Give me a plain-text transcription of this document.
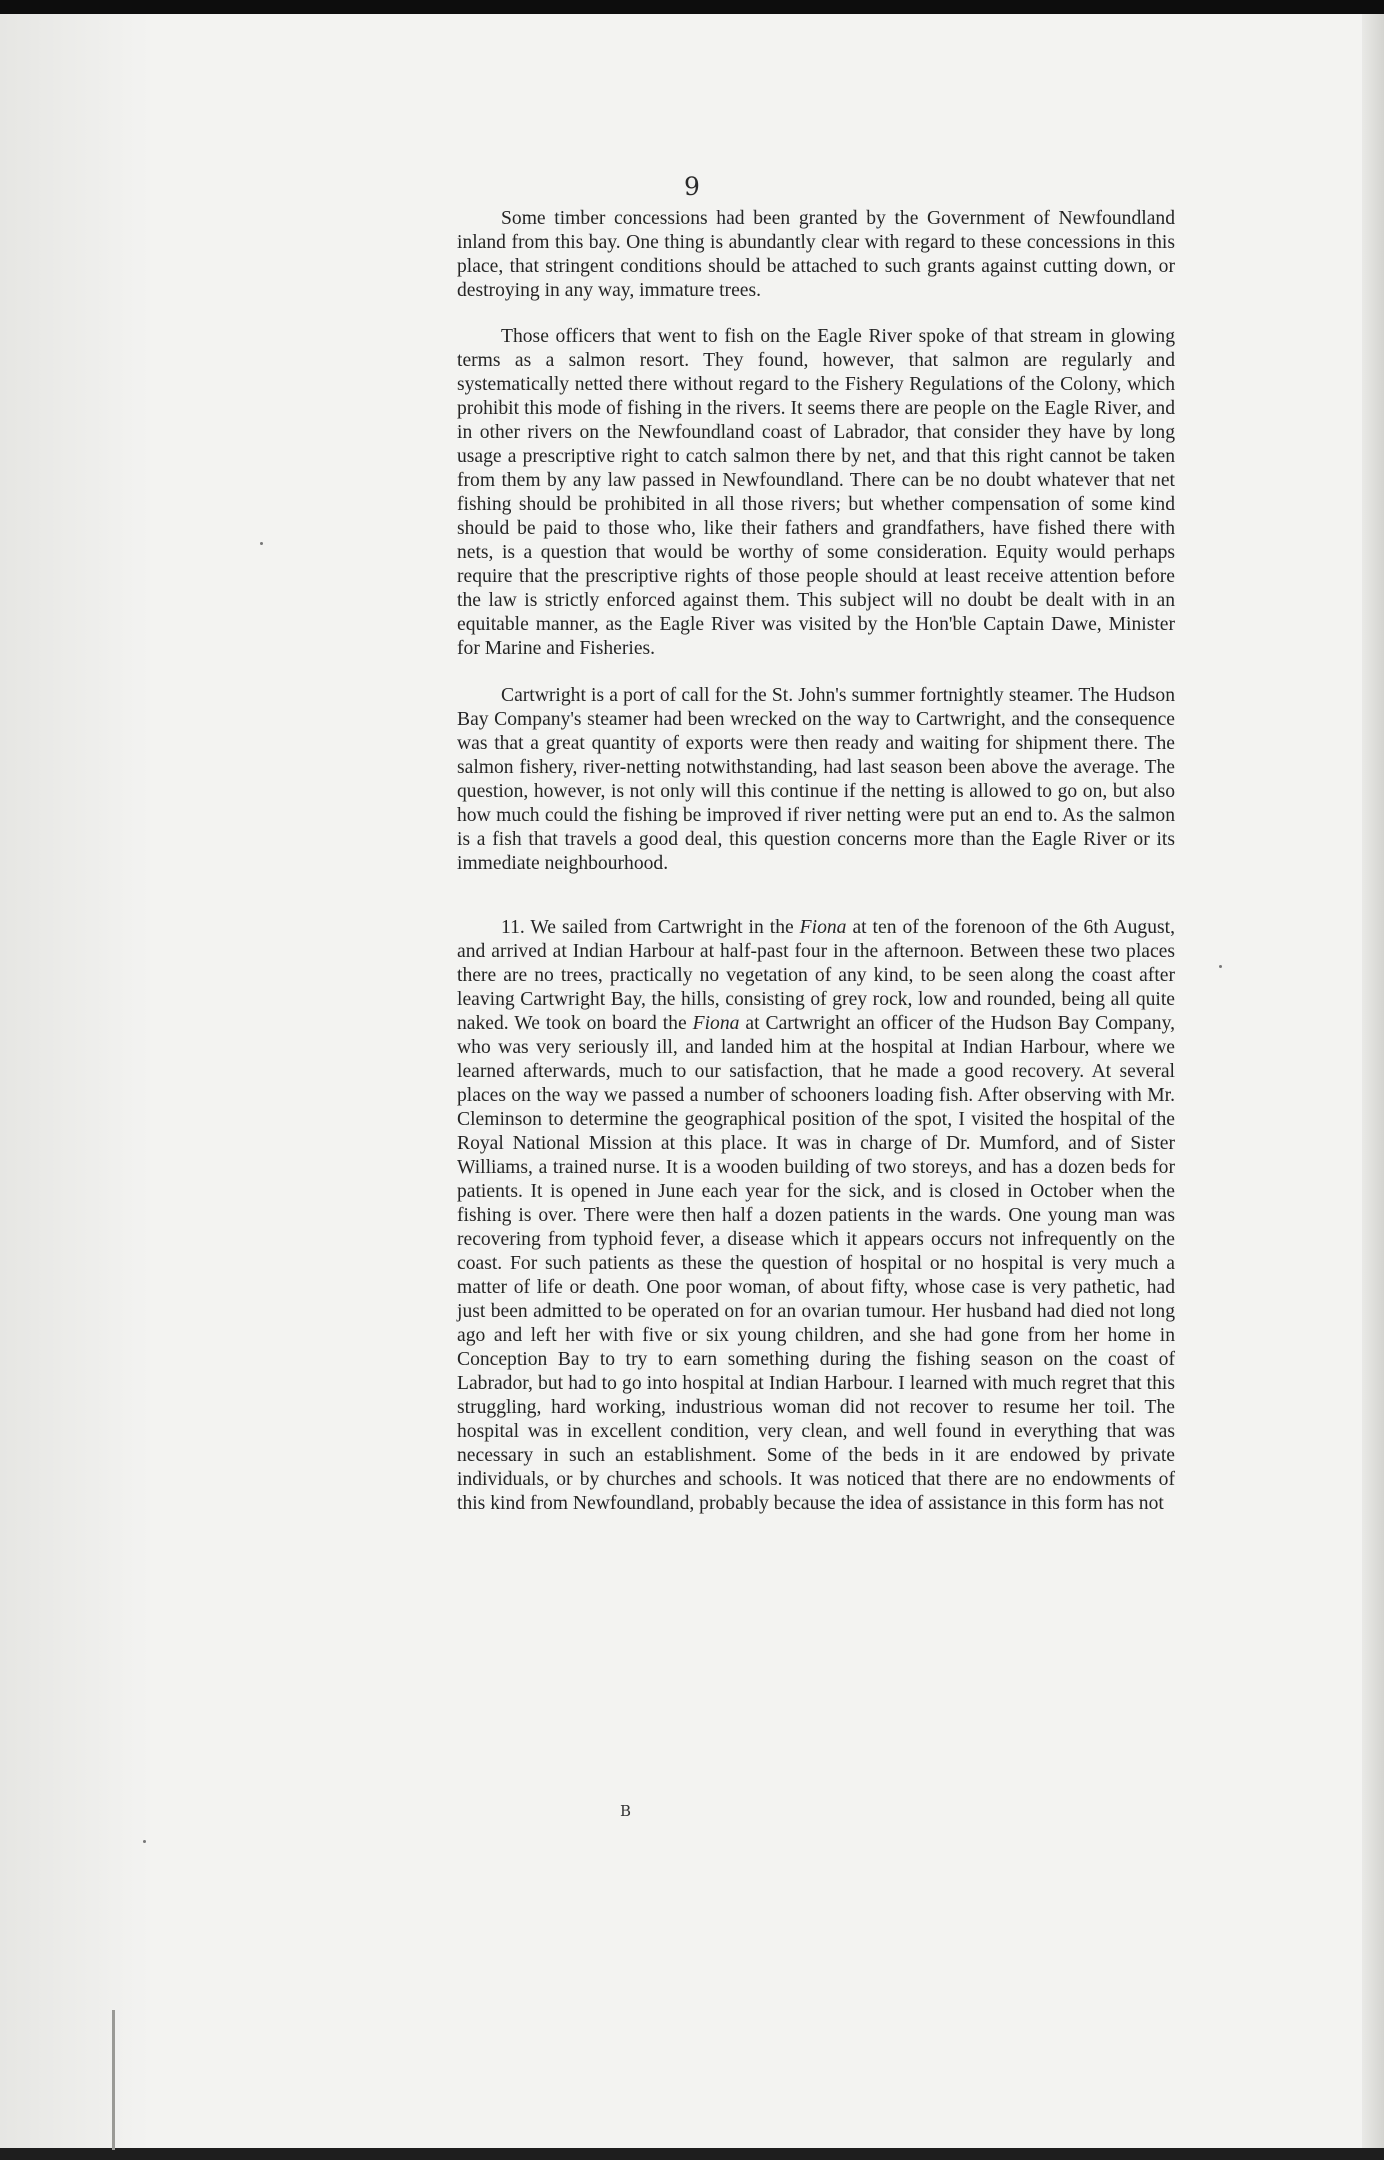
9

Some timber concessions had been granted by the Government of Newfoundland inland from this bay. One thing is abundantly clear with regard to these concessions in this place, that stringent conditions should be attached to such grants against cutting down, or destroying in any way, immature trees.

Those officers that went to fish on the Eagle River spoke of that stream in glowing terms as a salmon resort. They found, however, that salmon are regularly and systematically netted there without regard to the Fishery Regulations of the Colony, which prohibit this mode of fishing in the rivers. It seems there are people on the Eagle River, and in other rivers on the Newfoundland coast of Labrador, that consider they have by long usage a prescriptive right to catch salmon there by net, and that this right cannot be taken from them by any law passed in Newfoundland. There can be no doubt whatever that net fishing should be prohibited in all those rivers; but whether compensation of some kind should be paid to those who, like their fathers and grandfathers, have fished there with nets, is a question that would be worthy of some consideration. Equity would perhaps require that the prescriptive rights of those people should at least receive attention before the law is strictly enforced against them. This subject will no doubt be dealt with in an equitable manner, as the Eagle River was visited by the Hon'ble Captain Dawe, Minister for Marine and Fisheries.

Cartwright is a port of call for the St. John's summer fortnightly steamer. The Hudson Bay Company's steamer had been wrecked on the way to Cartwright, and the consequence was that a great quantity of exports were then ready and waiting for shipment there. The salmon fishery, river-netting notwithstanding, had last season been above the average. The question, however, is not only will this continue if the netting is allowed to go on, but also how much could the fishing be improved if river netting were put an end to. As the salmon is a fish that travels a good deal, this question concerns more than the Eagle River or its immediate neighbourhood.

11. We sailed from Cartwright in the Fiona at ten of the forenoon of the 6th August, and arrived at Indian Harbour at half-past four in the afternoon. Between these two places there are no trees, practically no vegetation of any kind, to be seen along the coast after leaving Cartwright Bay, the hills, consisting of grey rock, low and rounded, being all quite naked. We took on board the Fiona at Cartwright an officer of the Hudson Bay Company, who was very seriously ill, and landed him at the hospital at Indian Harbour, where we learned afterwards, much to our satisfaction, that he made a good recovery. At several places on the way we passed a number of schooners loading fish. After observing with Mr. Cleminson to determine the geographical position of the spot, I visited the hospital of the Royal National Mission at this place. It was in charge of Dr. Mumford, and of Sister Williams, a trained nurse. It is a wooden building of two storeys, and has a dozen beds for patients. It is opened in June each year for the sick, and is closed in October when the fishing is over. There were then half a dozen patients in the wards. One young man was recovering from typhoid fever, a disease which it appears occurs not infrequently on the coast. For such patients as these the question of hospital or no hospital is very much a matter of life or death. One poor woman, of about fifty, whose case is very pathetic, had just been admitted to be operated on for an ovarian tumour. Her husband had died not long ago and left her with five or six young children, and she had gone from her home in Conception Bay to try to earn something during the fishing season on the coast of Labrador, but had to go into hospital at Indian Harbour. I learned with much regret that this struggling, hard working, industrious woman did not recover to resume her toil. The hospital was in excellent condition, very clean, and well found in everything that was necessary in such an establishment. Some of the beds in it are endowed by private individuals, or by churches and schools. It was noticed that there are no endowments of this kind from Newfoundland, probably because the idea of assistance in this form has not

B
